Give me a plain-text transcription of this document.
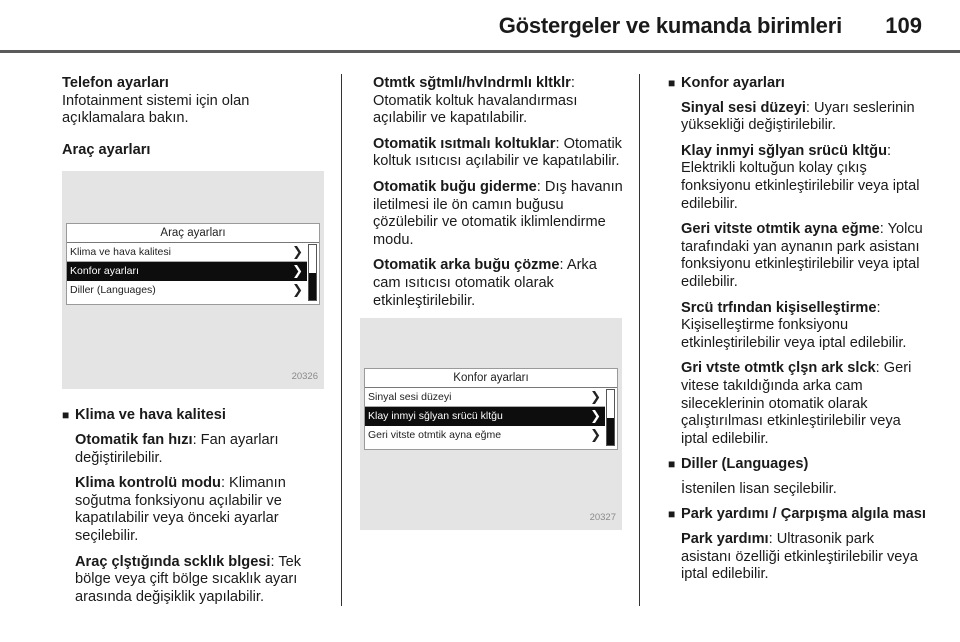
Göstergeler ve kumanda birimleri 109
Telefon ayarları

Infotainment sistemi için olan açıklamalara bakın.

Araç ayarları

Araç ayarları
Klima ve hava kalitesi	❯
Konfor ayarları	❯
Diller (Languages)	❯
20326
■ Klima ve hava kalitesi

Otomatik fan hızı: Fan ayarları değiştirilebilir.

Klima kontrolü modu: Klimanın soğutma fonksiyonu açılabilir ve kapatılabilir veya önceki ayarlar seçilebilir.

Araç çlştığında scklık blgesi: Tek bölge veya çift bölge sıcaklık ayarı arasında değişiklik yapılabilir.

Otmtk sğtmlı/hvlndrmlı kltklr: Otomatik koltuk havalandırması açılabilir ve kapatılabilir.

Otomatik ısıtmalı koltuklar: Otomatik koltuk ısıtıcısı açılabilir ve kapatılabilir.

Otomatik buğu giderme: Dış havanın iletilmesi ile ön camın buğusu çözülebilir ve otomatik iklimlendirme modu.

Otomatik arka buğu çözme: Arka cam ısıtıcısı otomatik olarak etkinleştirilebilir.

Konfor ayarları
Sinyal sesi düzeyi	❯
Klay inmyi sğlyan srücü kltğu	❯
Geri vitste otmtik ayna eğme	❯
20327
■ Konfor ayarları

Sinyal sesi düzeyi: Uyarı seslerinin yüksekliği değiştirilebilir.

Klay inmyi sğlyan srücü kltğu: Elektrikli koltuğun kolay çıkış fonksiyonu etkinleştirilebilir veya iptal edilebilir.

Geri vitste otmtik ayna eğme: Yolcu tarafındaki yan aynanın park asistanı fonksiyonu etkinleştirilebilir veya iptal edilebilir.

Srcü trfından kişiselleştirme: Kişiselleştirme fonksiyonu etkinleştirilebilir veya iptal edilebilir.

Gri vtste otmtk çlşn ark slck: Geri vitese takıldığında arka cam sileceklerinin otomatik olarak çalıştırılması etkinleştirilebilir veya iptal edilebilir.

■ Diller (Languages)

İstenilen lisan seçilebilir.

■ Park yardımı / Çarpışma algıla ması

Park yardımı: Ultrasonik park asistanı özelliği etkinleştirilebilir veya iptal edilebilir.
